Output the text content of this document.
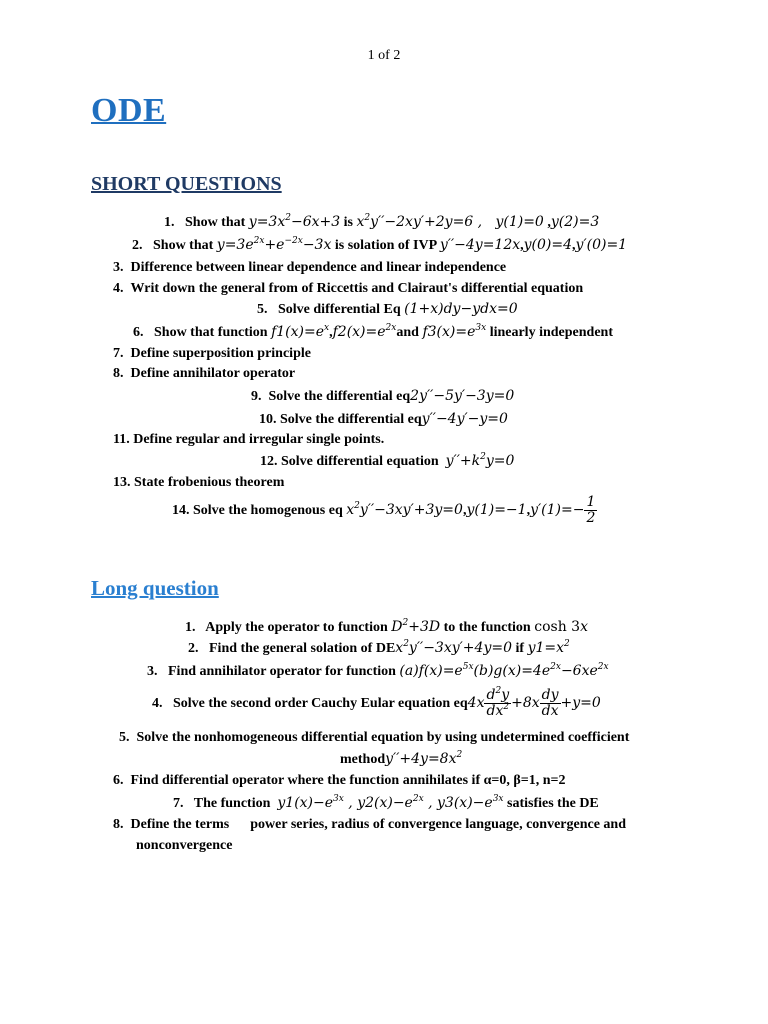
1 of 2
ODE
SHORT QUESTIONS
1. Show that $y=3x^2-6x+3$ is $x^2y''-2xy'+2y=6$ ,   y(1)=0 ,y(2)=3
2. Show that $y=3e^{2x}+e^{-2x}-3x$ is solation of IVP y′′−4y=12x,y(0)=4,y′(0)=1
3. Difference between linear dependence and linear independence
4. Writ down the general from of Riccettis and Clairaut's differential equation
5. Solve differential Eq (1+x)dy−ydx=0
6. Show that function $f1(x)=e^x,f2(x)=e^{2x}and$ $f3(x)=e^{3x}$ linearly independent
7. Define superposition principle
8. Define annihilator operator
9. Solve the differential eq2y′′−5y′−3y=0
10. Solve the differential eqy′′−4y′−y=0
11. Define regular and irregular single points.
12. Solve differential equation $y''+k^2y=0$
13. State frobenious theorem
14. Solve the homogenous eq $x^2y''-3xy'+3y=0,y(1)=-1,y'(1)=- \frac{1}{2}$
Long question
1. Apply the operator to function $D^2+3D$ to the function cosh 3x
2. Find the general solation of DEx$^2$y′′−3xy′+4y=0 if $y1=x^2$
3. Find annihilator operator for function $(a)f(x)=e^{5x}(b)g(x)=4e^{2x}-6xe^{2x}$
4. Solve the second order Cauchy Eular equation $eq4x \frac{d^2y}{dx^2} +8x \frac{dy}{dx} +y=0$
5. Solve the nonhomogeneous differential equation by using undetermined coefficient
$methody''+4y=8x^2$
6. Find differential operator where the function annihilates if α=0, β=1, n=2
7. The function $y1(x)-e^{3x}$ , $y2(x)-e^{2x}$ , $y3(x)-e^{3x}$ satisfies the DE
8. Define the terms power series, radius of convergence language, convergence and
nonconvergence
